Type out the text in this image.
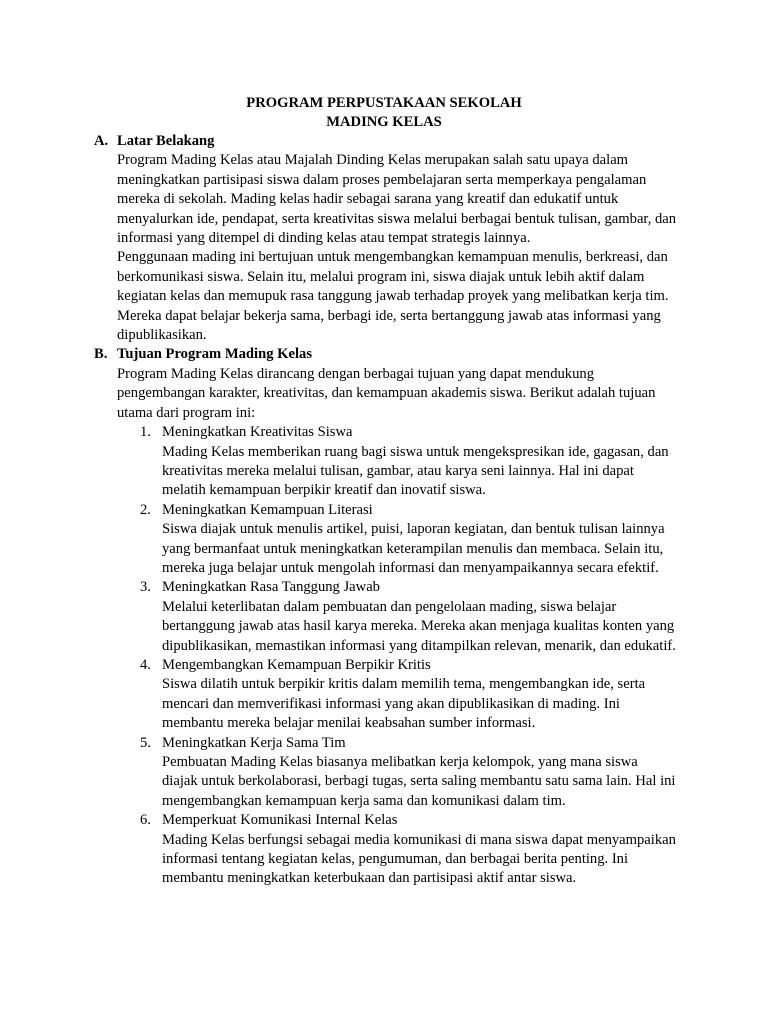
PROGRAM PERPUSTAKAAN SEKOLAH
MADING KELAS
A. Latar Belakang

Program Mading Kelas atau Majalah Dinding Kelas merupakan salah satu upaya dalam meningkatkan partisipasi siswa dalam proses pembelajaran serta memperkaya pengalaman mereka di sekolah. Mading kelas hadir sebagai sarana yang kreatif dan edukatif untuk menyalurkan ide, pendapat, serta kreativitas siswa melalui berbagai bentuk tulisan, gambar, dan informasi yang ditempel di dinding kelas atau tempat strategis lainnya.

Penggunaan mading ini bertujuan untuk mengembangkan kemampuan menulis, berkreasi, dan berkomunikasi siswa. Selain itu, melalui program ini, siswa diajak untuk lebih aktif dalam kegiatan kelas dan memupuk rasa tanggung jawab terhadap proyek yang melibatkan kerja tim. Mereka dapat belajar bekerja sama, berbagi ide, serta bertanggung jawab atas informasi yang dipublikasikan.

B. Tujuan Program Mading Kelas

Program Mading Kelas dirancang dengan berbagai tujuan yang dapat mendukung pengembangan karakter, kreativitas, dan kemampuan akademis siswa. Berikut adalah tujuan utama dari program ini:

1. Meningkatkan Kreativitas Siswa
Mading Kelas memberikan ruang bagi siswa untuk mengekspresikan ide, gagasan, dan kreativitas mereka melalui tulisan, gambar, atau karya seni lainnya. Hal ini dapat melatih kemampuan berpikir kreatif dan inovatif siswa.
2. Meningkatkan Kemampuan Literasi
Siswa diajak untuk menulis artikel, puisi, laporan kegiatan, dan bentuk tulisan lainnya yang bermanfaat untuk meningkatkan keterampilan menulis dan membaca. Selain itu, mereka juga belajar untuk mengolah informasi dan menyampaikannya secara efektif.
3. Meningkatkan Rasa Tanggung Jawab
Melalui keterlibatan dalam pembuatan dan pengelolaan mading, siswa belajar bertanggung jawab atas hasil karya mereka. Mereka akan menjaga kualitas konten yang dipublikasikan, memastikan informasi yang ditampilkan relevan, menarik, dan edukatif.
4. Mengembangkan Kemampuan Berpikir Kritis
Siswa dilatih untuk berpikir kritis dalam memilih tema, mengembangkan ide, serta mencari dan memverifikasi informasi yang akan dipublikasikan di mading. Ini membantu mereka belajar menilai keabsahan sumber informasi.
5. Meningkatkan Kerja Sama Tim
Pembuatan Mading Kelas biasanya melibatkan kerja kelompok, yang mana siswa diajak untuk berkolaborasi, berbagi tugas, serta saling membantu satu sama lain. Hal ini mengembangkan kemampuan kerja sama dan komunikasi dalam tim.
6. Memperkuat Komunikasi Internal Kelas
Mading Kelas berfungsi sebagai media komunikasi di mana siswa dapat menyampaikan informasi tentang kegiatan kelas, pengumuman, dan berbagai berita penting. Ini membantu meningkatkan keterbukaan dan partisipasi aktif antar siswa.
